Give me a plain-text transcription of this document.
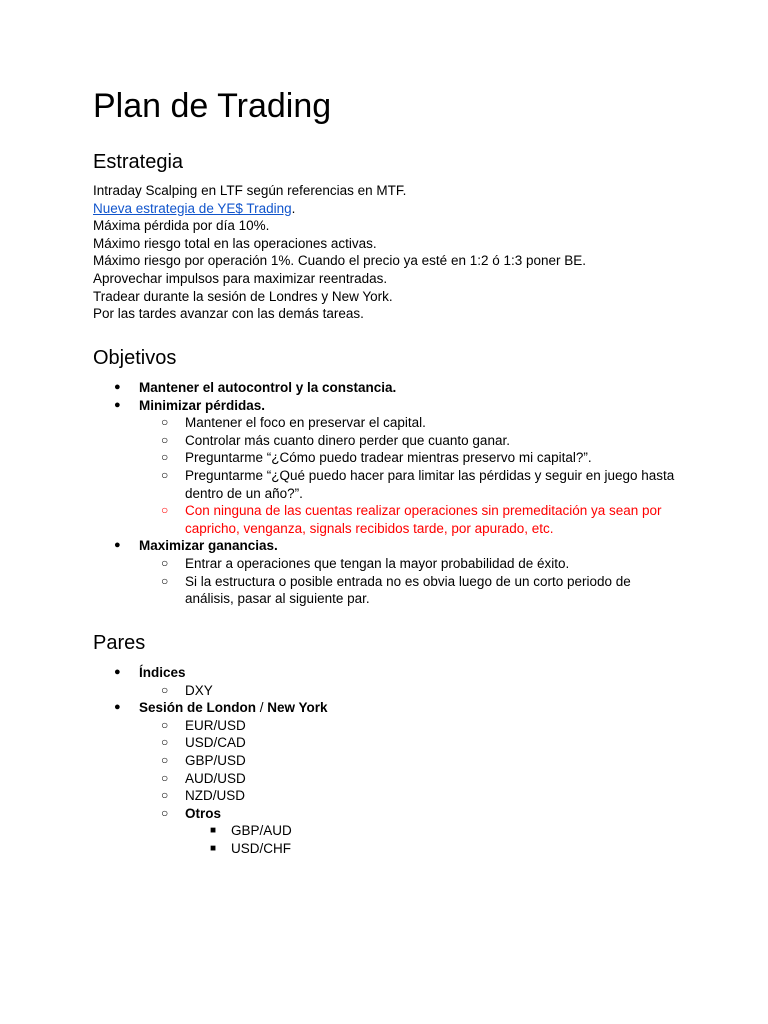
Plan de Trading
Estrategia
Intraday Scalping en LTF según referencias en MTF.
Nueva estrategia de YE$ Trading.
Máxima pérdida por día 10%.
Máximo riesgo total en las operaciones activas.
Máximo riesgo por operación 1%. Cuando el precio ya esté en 1:2 ó 1:3 poner BE.
Aprovechar impulsos para maximizar reentradas.
Tradear durante la sesión de Londres y New York.
Por las tardes avanzar con las demás tareas.
Objetivos
● Mantener el autocontrol y la constancia.
● Minimizar pérdidas.
○ Mantener el foco en preservar el capital.
○ Controlar más cuanto dinero perder que cuanto ganar.
○ Preguntarme “¿Cómo puedo tradear mientras preservo mi capital?”.
○ Preguntarme “¿Qué puedo hacer para limitar las pérdidas y seguir en juego hasta dentro de un año?”.
○ Con ninguna de las cuentas realizar operaciones sin premeditación ya sean por capricho, venganza, signals recibidos tarde, por apurado, etc.
● Maximizar ganancias.
○ Entrar a operaciones que tengan la mayor probabilidad de éxito.
○ Si la estructura o posible entrada no es obvia luego de un corto periodo de análisis, pasar al siguiente par.
Pares
● Índices
○ DXY
● Sesión de London / New York
○ EUR/USD
○ USD/CAD
○ GBP/USD
○ AUD/USD
○ NZD/USD
○ Otros
■ GBP/AUD
■ USD/CHF
